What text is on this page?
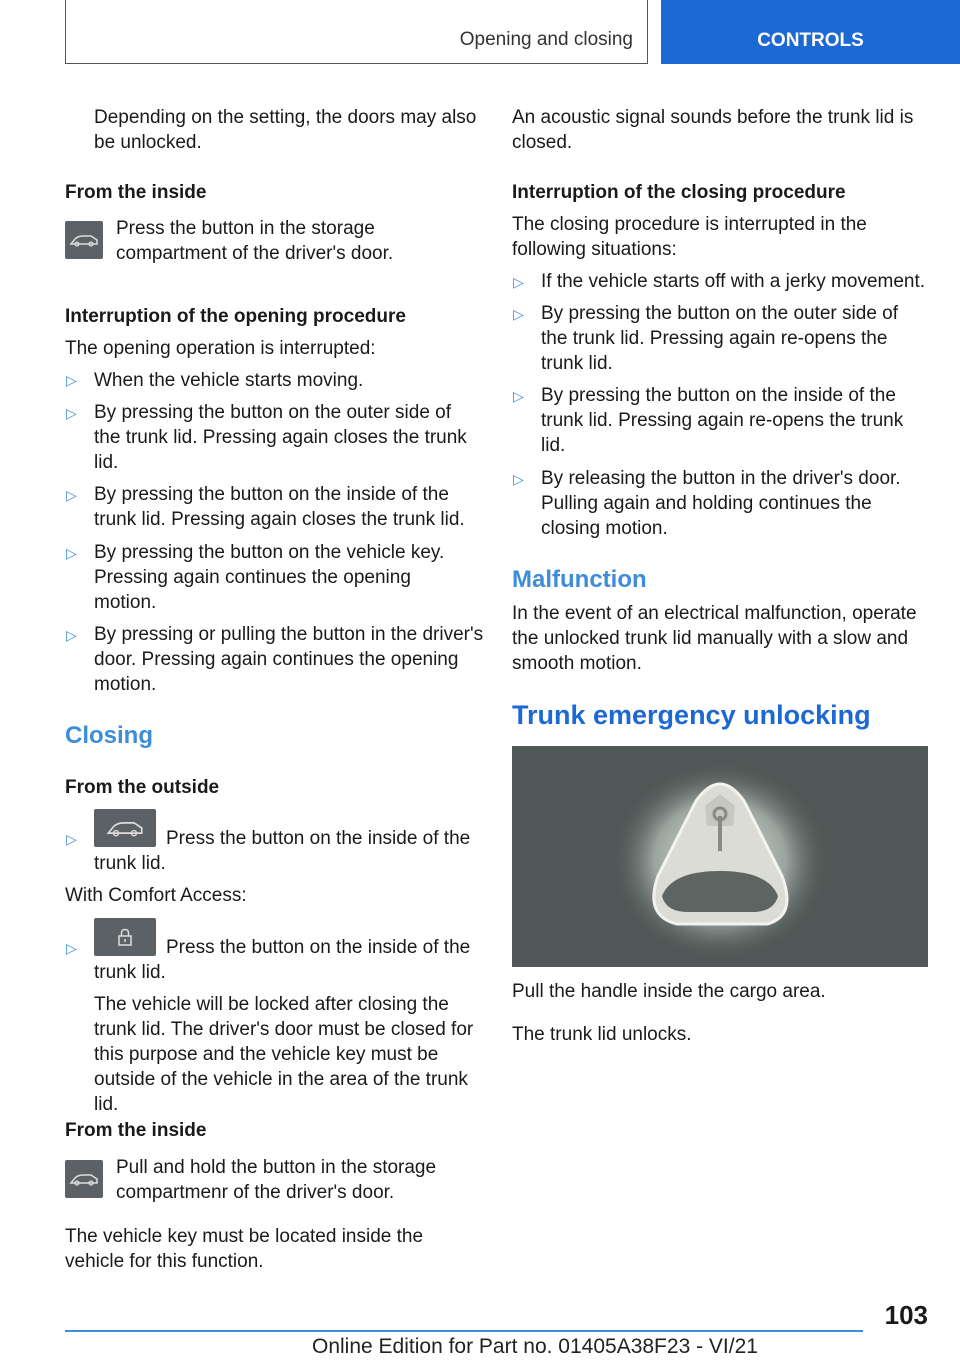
Opening and closing	CONTROLS
Depending on the setting, the doors may also be unlocked.
From the inside
Press the button in the storage compartment of the driver's door.
Interruption of the opening procedure
The opening operation is interrupted:
▷ When the vehicle starts moving.
▷ By pressing the button on the outer side of the trunk lid. Pressing again closes the trunk lid.
▷ By pressing the button on the inside of the trunk lid. Pressing again closes the trunk lid.
▷ By pressing the button on the vehicle key. Pressing again continues the opening motion.
▷ By pressing or pulling the button in the driver's door. Pressing again continues the opening motion.
Closing
From the outside
▷	Press the button on the inside of the trunk lid.
With Comfort Access:
▷	Press the button on the inside of the trunk lid.
The vehicle will be locked after closing the trunk lid. The driver's door must be closed for this purpose and the vehicle key must be outside of the vehicle in the area of the trunk lid.
From the inside
Pull and hold the button in the storage compartmenr of the driver's door.
The vehicle key must be located inside the vehicle for this function.
An acoustic signal sounds before the trunk lid is closed.
Interruption of the closing procedure
The closing procedure is interrupted in the following situations:
▷ If the vehicle starts off with a jerky movement.
▷ By pressing the button on the outer side of the trunk lid. Pressing again re-opens the trunk lid.
▷ By pressing the button on the inside of the trunk lid. Pressing again re-opens the trunk lid.
▷ By releasing the button in the driver's door. Pulling again and holding continues the closing motion.
Malfunction
In the event of an electrical malfunction, operate the unlocked trunk lid manually with a slow and smooth motion.
Trunk emergency unlocking
Pull the handle inside the cargo area.
The trunk lid unlocks.
103
Online Edition for Part no. 01405A38F23 - VI/21
